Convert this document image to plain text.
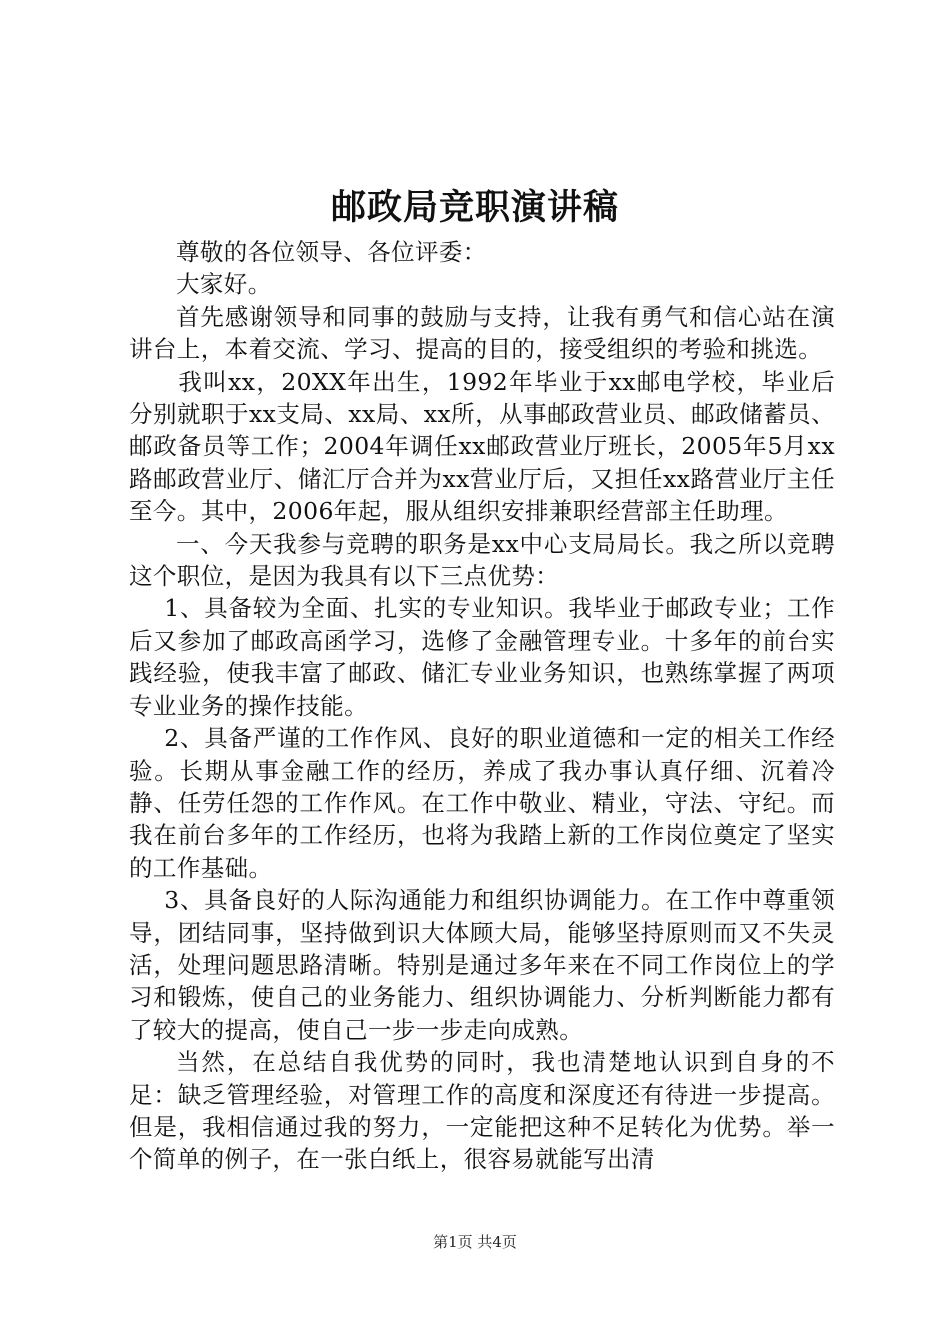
邮政局竞职演讲稿

尊敬的各位领导、各位评委：

大家好。

首先感谢领导和同事的鼓励与支持，让我有勇气和信心站在演讲台上，本着交流、学习、提高的目的，接受组织的考验和挑选。

我叫xx，20XX年出生，1992年毕业于xx邮电学校，毕业后分别就职于xx支局、xx局、xx所，从事邮政营业员、邮政储蓄员、邮政备员等工作；2004年调任xx邮政营业厅班长，2005年5月xx路邮政营业厅、储汇厅合并为xx营业厅后，又担任xx路营业厅主任至今。其中，2006年起，服从组织安排兼职经营部主任助理。

一、今天我参与竞聘的职务是xx中心支局局长。我之所以竞聘这个职位，是因为我具有以下三点优势：

1、具备较为全面、扎实的专业知识。我毕业于邮政专业；工作后又参加了邮政高函学习，选修了金融管理专业。十多年的前台实践经验，使我丰富了邮政、储汇专业业务知识，也熟练掌握了两项专业业务的操作技能。

2、具备严谨的工作作风、良好的职业道德和一定的相关工作经验。长期从事金融工作的经历，养成了我办事认真仔细、沉着冷静、任劳任怨的工作作风。在工作中敬业、精业，守法、守纪。而我在前台多年的工作经历，也将为我踏上新的工作岗位奠定了坚实的工作基础。

3、具备良好的人际沟通能力和组织协调能力。在工作中尊重领导，团结同事，坚持做到识大体顾大局，能够坚持原则而又不失灵活，处理问题思路清晰。特别是通过多年来在不同工作岗位上的学习和锻炼，使自己的业务能力、组织协调能力、分析判断能力都有了较大的提高，使自己一步一步走向成熟。

当然，在总结自我优势的同时，我也清楚地认识到自身的不足：缺乏管理经验，对管理工作的高度和深度还有待进一步提高。但是，我相信通过我的努力，一定能把这种不足转化为优势。举一个简单的例子，在一张白纸上，很容易就能写出清

第1页 共4页
